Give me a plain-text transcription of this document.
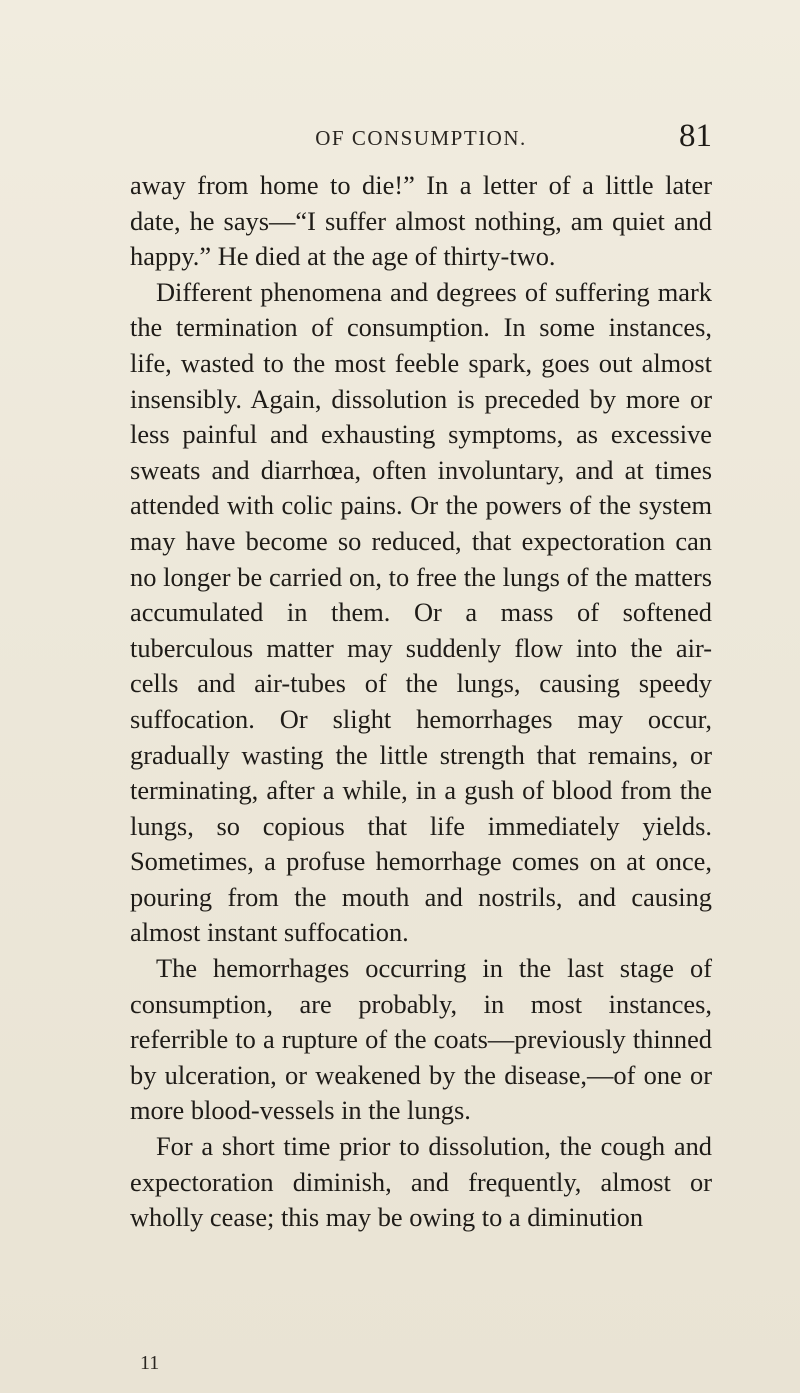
OF CONSUMPTION.	81

away from home to die!” In a letter of a little later date, he says—“I suffer almost nothing, am quiet and happy.” He died at the age of thirty-two.

Different phenomena and degrees of suffering mark the termination of consumption. In some instances, life, wasted to the most feeble spark, goes out almost insensibly. Again, dissolution is preceded by more or less painful and exhausting symptoms, as excessive sweats and diarrhœa, often involuntary, and at times attended with colic pains. Or the powers of the system may have become so reduced, that expectoration can no longer be carried on, to free the lungs of the matters accumulated in them. Or a mass of softened tuberculous matter may suddenly flow into the air-cells and air-tubes of the lungs, causing speedy suffocation. Or slight hemorrhages may occur, gradually wasting the little strength that remains, or terminating, after a while, in a gush of blood from the lungs, so copious that life immediately yields. Sometimes, a profuse hemorrhage comes on at once, pouring from the mouth and nostrils, and causing almost instant suffocation.

The hemorrhages occurring in the last stage of consumption, are probably, in most instances, referrible to a rupture of the coats—previously thinned by ulceration, or weakened by the disease,—of one or more blood-vessels in the lungs.

For a short time prior to dissolution, the cough and expectoration diminish, and frequently, almost or wholly cease; this may be owing to a diminution

11
